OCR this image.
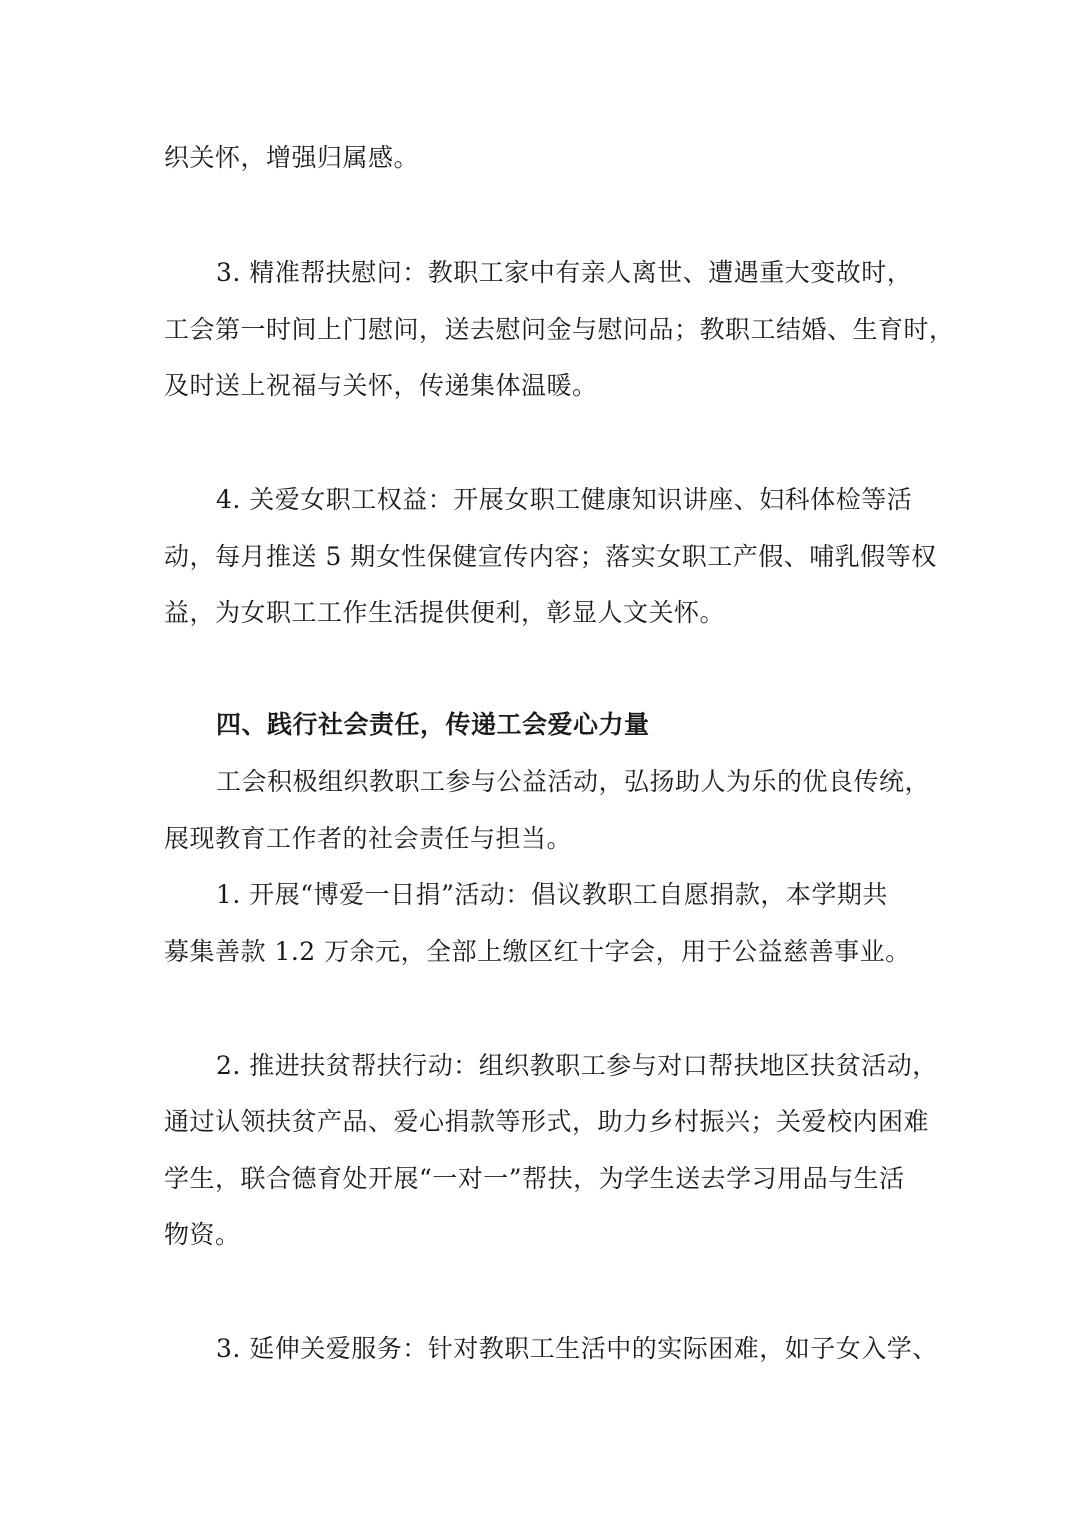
织关怀，增强归属感。
3. 精准帮扶慰问：教职工家中有亲人离世、遭遇重大变故时，
工会第一时间上门慰问，送去慰问金与慰问品；教职工结婚、生育时，
及时送上祝福与关怀，传递集体温暖。
4. 关爱女职工权益：开展女职工健康知识讲座、妇科体检等活
动，每月推送 5 期女性保健宣传内容；落实女职工产假、哺乳假等权
益，为女职工工作生活提供便利，彰显人文关怀。
四、践行社会责任，传递工会爱心力量
工会积极组织教职工参与公益活动，弘扬助人为乐的优良传统，
展现教育工作者的社会责任与担当。
1. 开展“博爱一日捐”活动：倡议教职工自愿捐款，本学期共
募集善款 1.2 万余元，全部上缴区红十字会，用于公益慈善事业。
2. 推进扶贫帮扶行动：组织教职工参与对口帮扶地区扶贫活动，
通过认领扶贫产品、爱心捐款等形式，助力乡村振兴；关爱校内困难
学生，联合德育处开展“一对一”帮扶，为学生送去学习用品与生活
物资。
3. 延伸关爱服务：针对教职工生活中的实际困难，如子女入学、
